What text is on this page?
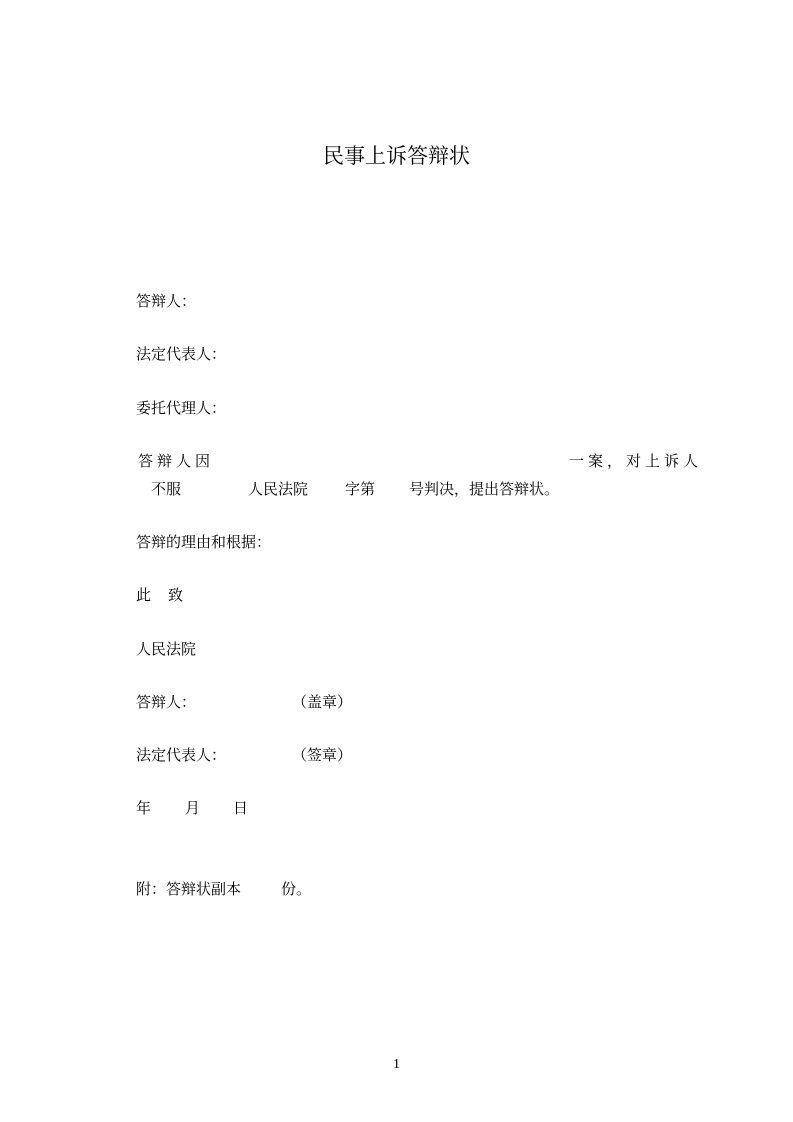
民事上诉答辩状
答辩人：
法定代表人：
委托代理人：
答辩人因	一案，对上诉人
不服	人民法院 字第 号判决，提出答辩状。
答辩的理由和根据：
此 致
人民法院
答辩人：	（盖章）
法定代表人：	（签章）
年 月 日
附：答辩状副本	份。
1
